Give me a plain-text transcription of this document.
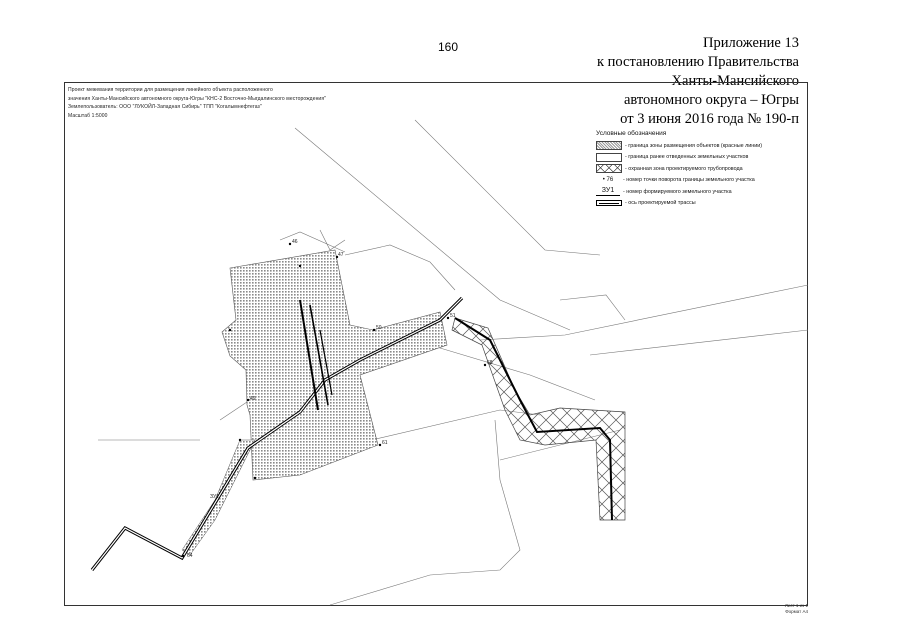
160	Приложение 13
к постановлению Правительства
Ханты-Мансийского
автономного округа – Югры
от 3 июня 2016 года № 190-п
Проект межевания территории для размещения линейного объекта расположенного
значения Ханты-Мансийского автономного округа-Югры "КНС-2 Восточно-Мыгдалинского месторождения"
Землепользователь: ООО "ЛУКОЙЛ-Западная Сибирь" ТПП "Когалымнефтегаз"
Масштаб 1:5000
46
47
49
50
51
ЗУ1
64
61
68
Условные обозначения
- граница зоны размещения объектов (красные линии)
- граница ранее отведенных земельных участков
- охранная зона проектируемого трубопровода
• 76	- номер точки поворота границы земельного участка
ЗУ1	- номер формируемого земельного участка
- ось проектируемой трассы
Лист 1 из 1
Формат А4
